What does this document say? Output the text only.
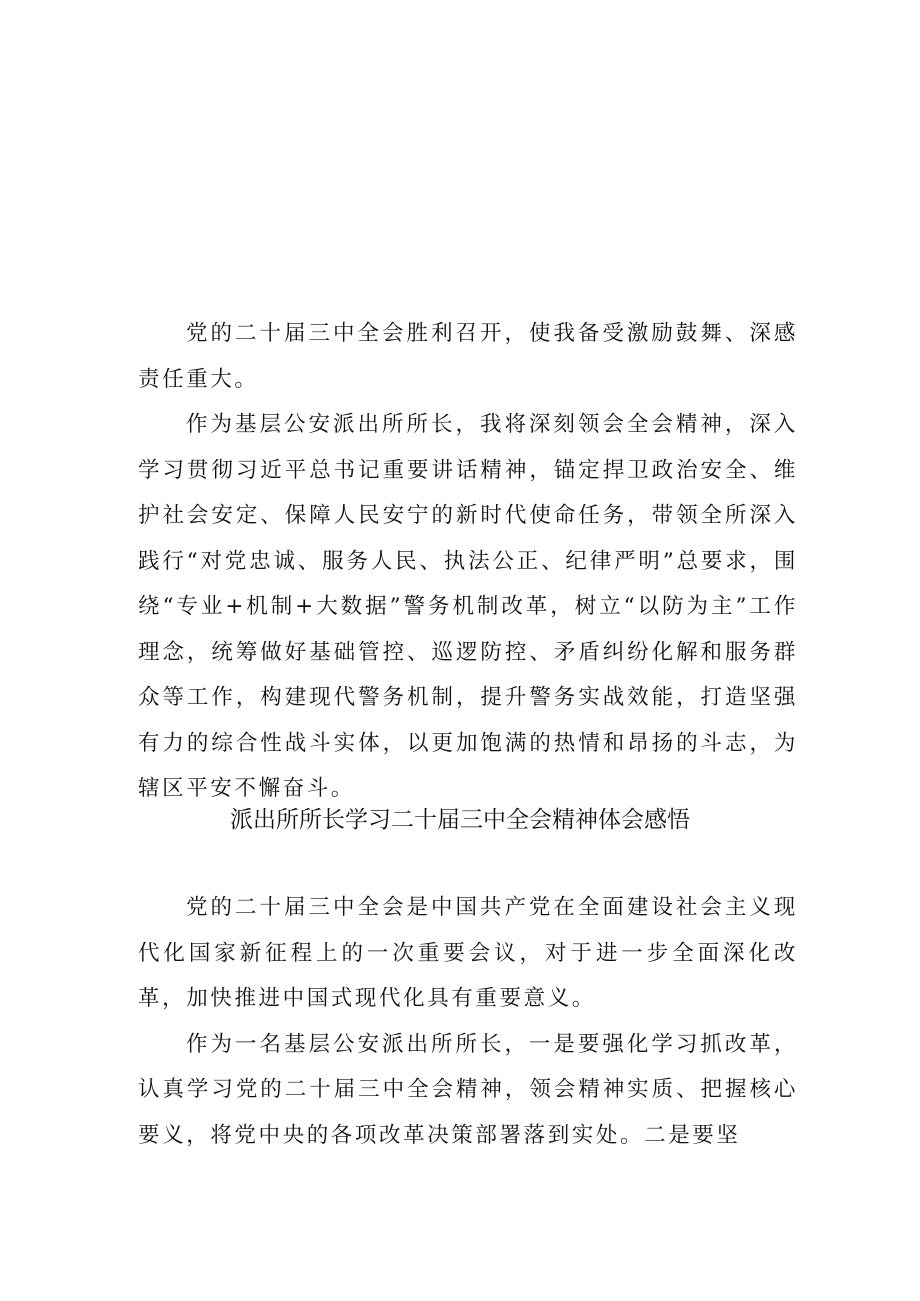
党的二十届三中全会胜利召开，使我备受激励鼓舞、深感责任重大。

作为基层公安派出所所长，我将深刻领会全会精神，深入学习贯彻习近平总书记重要讲话精神，锚定捍卫政治安全、维护社会安定、保障人民安宁的新时代使命任务，带领全所深入践行“对党忠诚、服务人民、执法公正、纪律严明”总要求，围绕“专业+机制+大数据”警务机制改革，树立“以防为主”工作理念，统筹做好基础管控、巡逻防控、矛盾纠纷化解和服务群众等工作，构建现代警务机制，提升警务实战效能，打造坚强有力的综合性战斗实体，以更加饱满的热情和昂扬的斗志，为辖区平安不懈奋斗。

派出所所长学习二十届三中全会精神体会感悟

党的二十届三中全会是中国共产党在全面建设社会主义现代化国家新征程上的一次重要会议，对于进一步全面深化改革，加快推进中国式现代化具有重要意义。

作为一名基层公安派出所所长，一是要强化学习抓改革，认真学习党的二十届三中全会精神，领会精神实质、把握核心要义，将党中央的各项改革决策部署落到实处。二是要坚
